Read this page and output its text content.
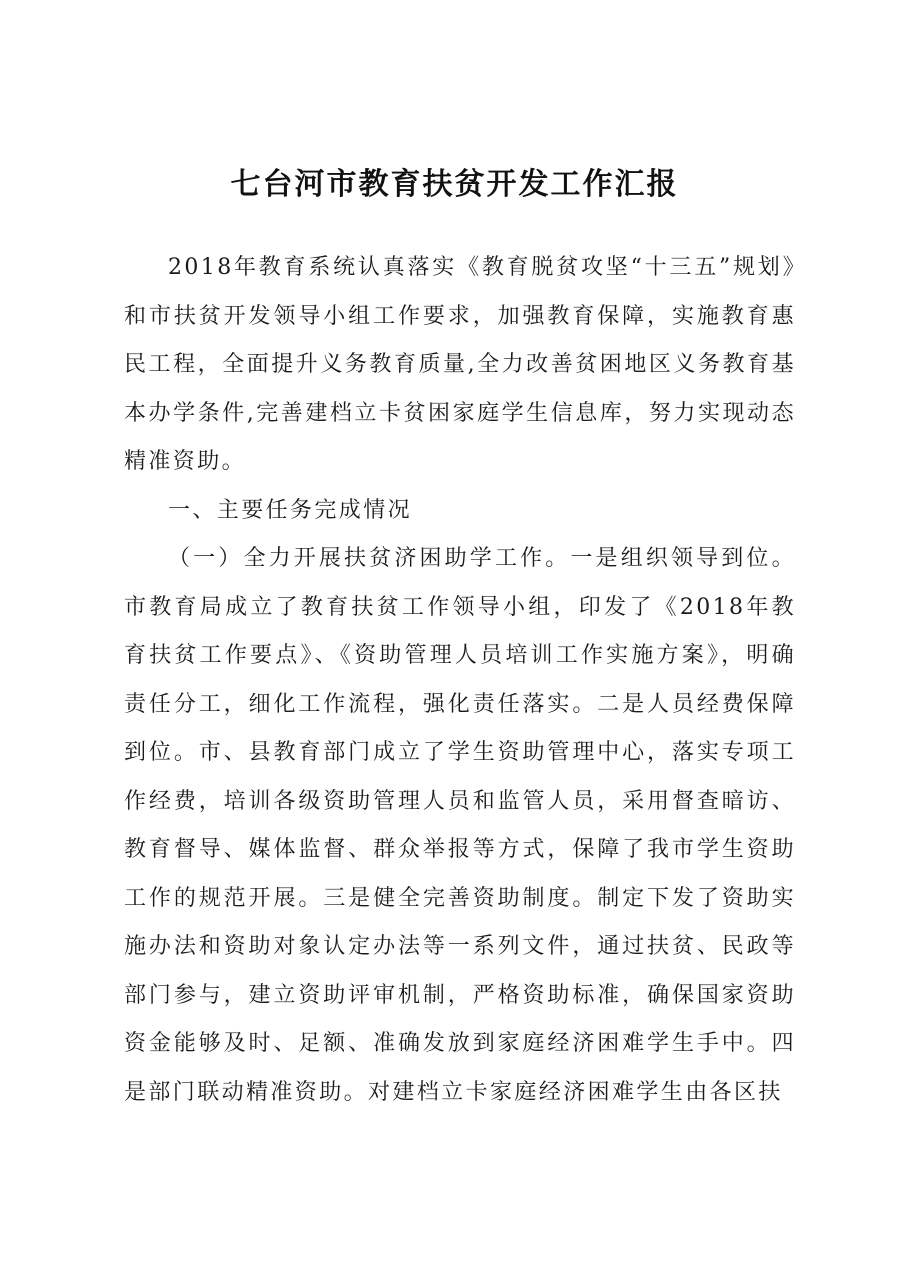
七台河市教育扶贫开发工作汇报

2018年教育系统认真落实《教育脱贫攻坚“十三五”规划》和市扶贫开发领导小组工作要求，加强教育保障，实施教育惠民工程，全面提升义务教育质量,全力改善贫困地区义务教育基本办学条件,完善建档立卡贫困家庭学生信息库，努力实现动态精准资助。

一、主要任务完成情况

（一）全力开展扶贫济困助学工作。一是组织领导到位。市教育局成立了教育扶贫工作领导小组，印发了《2018年教育扶贫工作要点》、《资助管理人员培训工作实施方案》，明确责任分工，细化工作流程，强化责任落实。二是人员经费保障到位。市、县教育部门成立了学生资助管理中心，落实专项工作经费，培训各级资助管理人员和监管人员，采用督查暗访、教育督导、媒体监督、群众举报等方式，保障了我市学生资助工作的规范开展。三是健全完善资助制度。制定下发了资助实施办法和资助对象认定办法等一系列文件，通过扶贫、民政等部门参与，建立资助评审机制，严格资助标准，确保国家资助资金能够及时、足额、准确发放到家庭经济困难学生手中。四是部门联动精准资助。对建档立卡家庭经济困难学生由各区扶
